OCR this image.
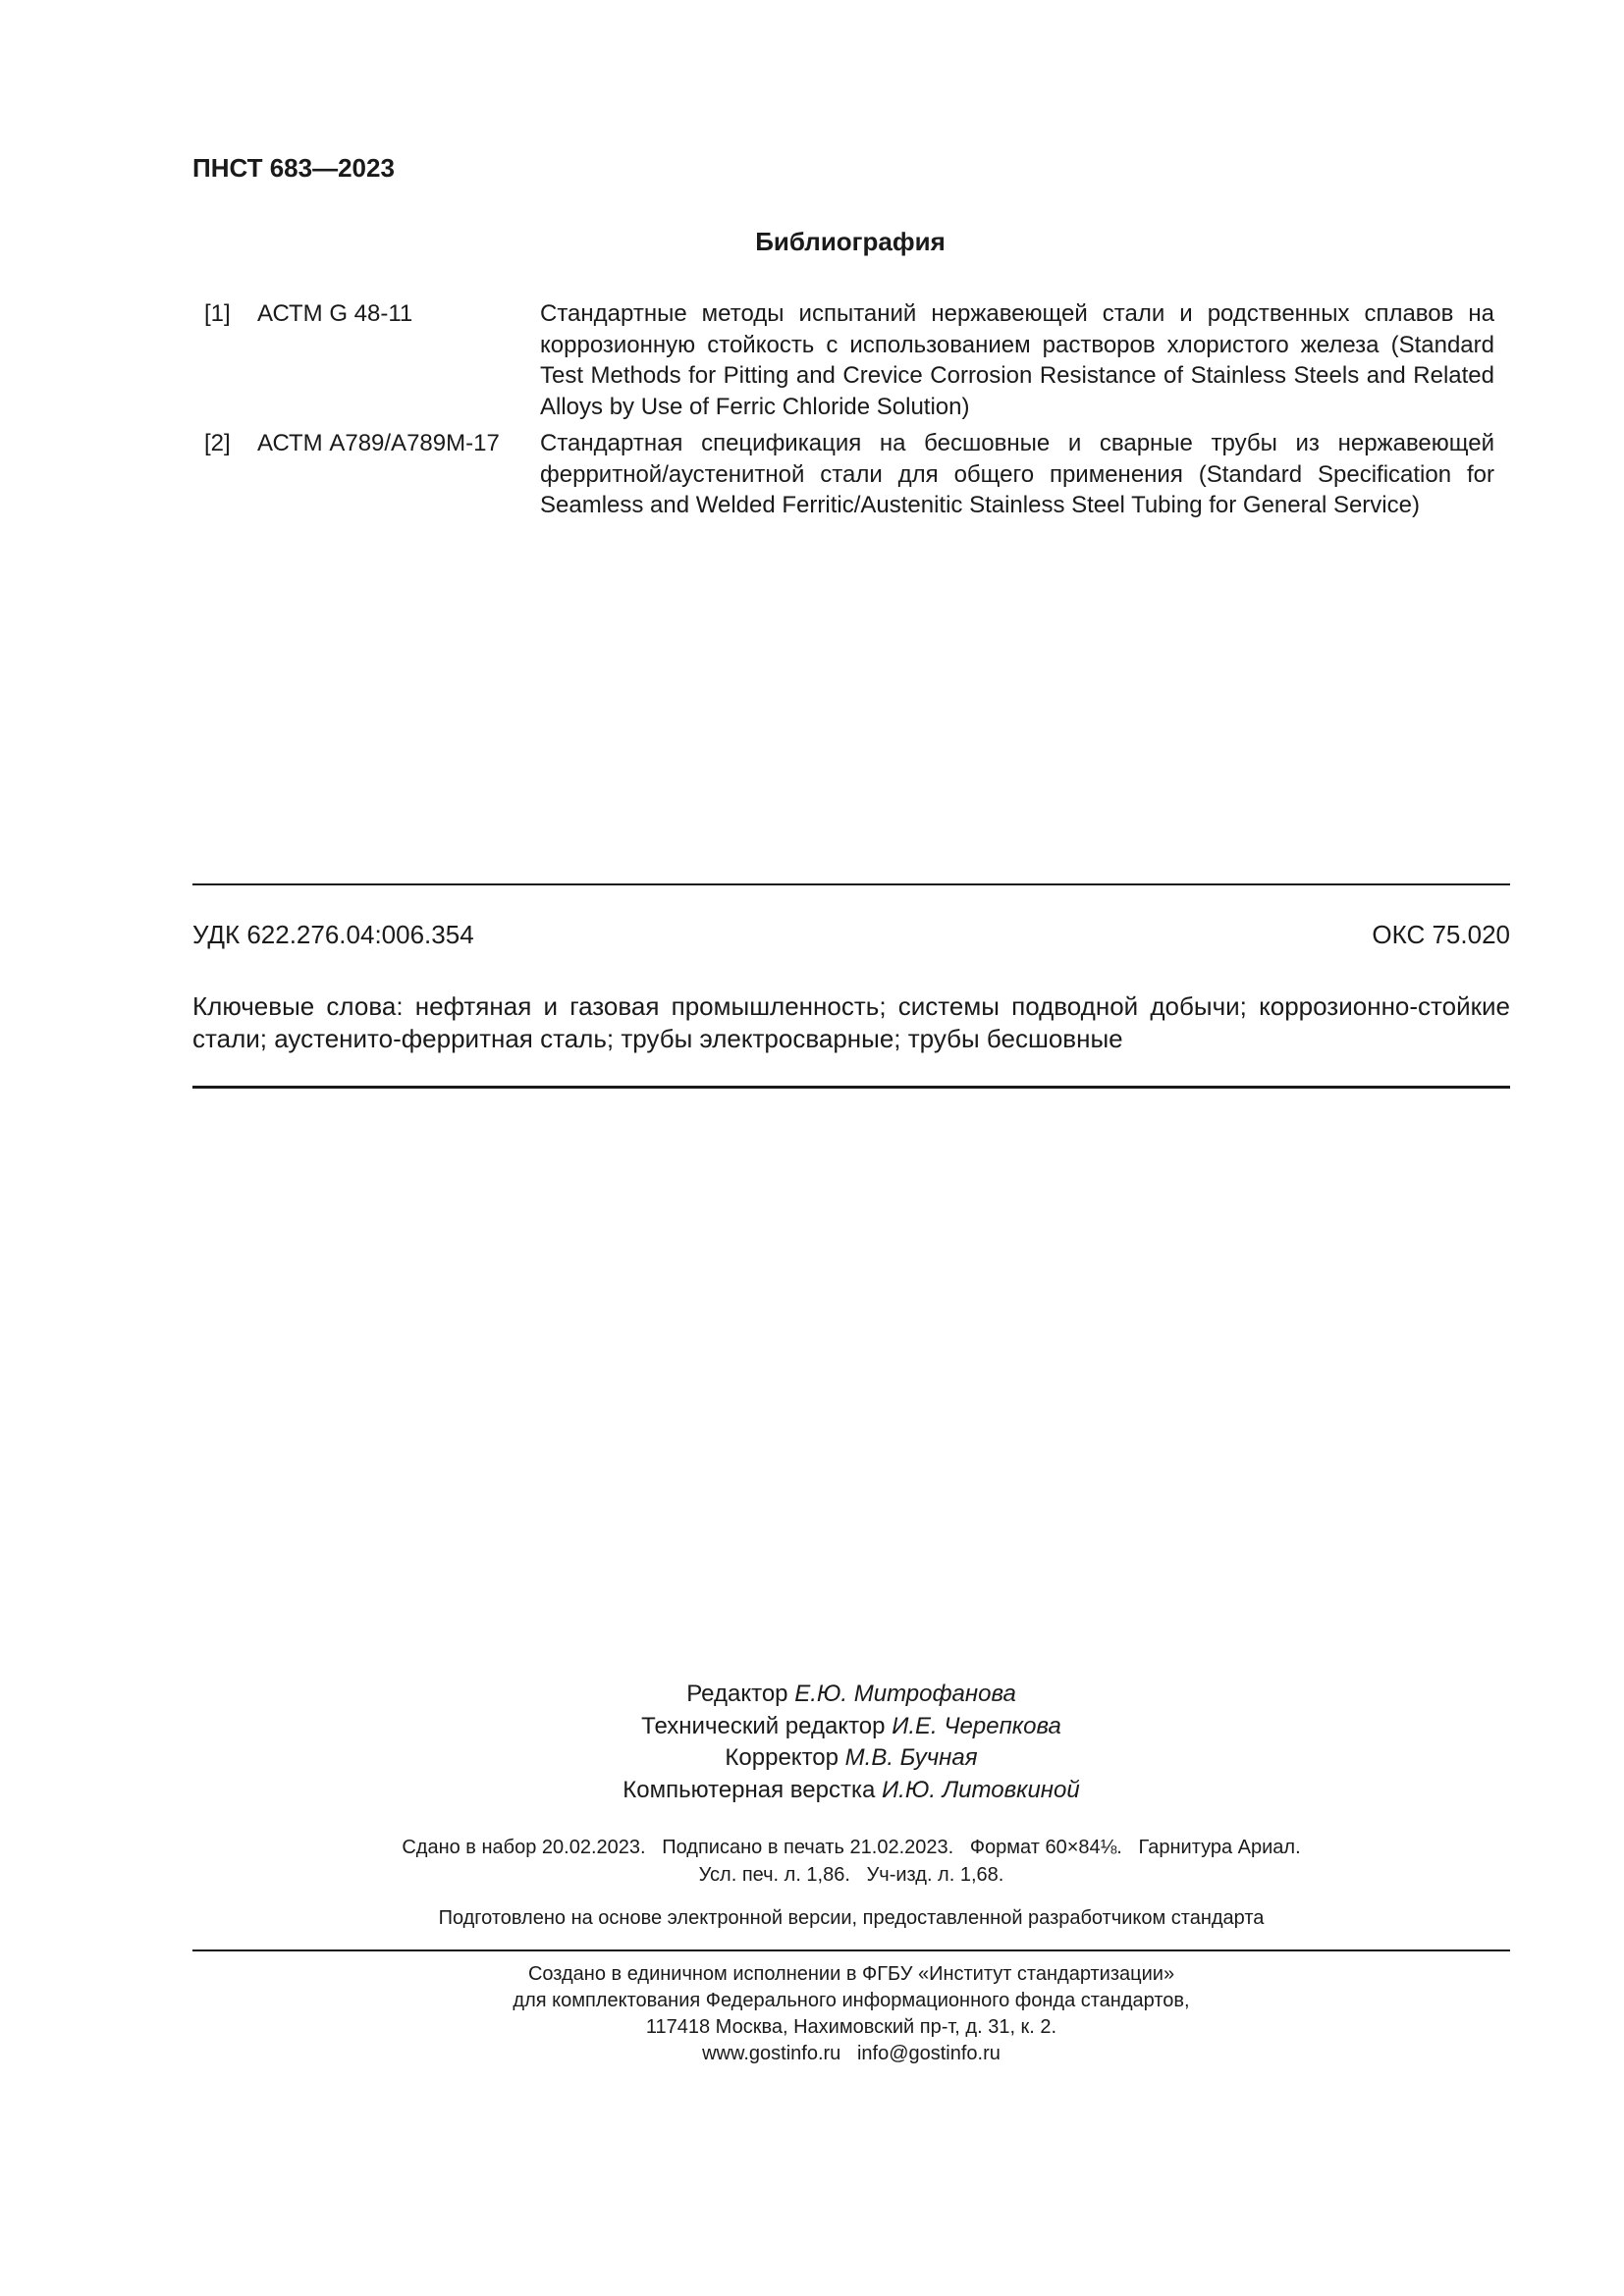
ПНСТ 683—2023
Библиография
[1] АСТМ G 48-11	Стандартные методы испытаний нержавеющей стали и родственных сплавов на коррозионную стойкость с использованием растворов хлористого железа (Standard Test Methods for Pitting and Crevice Corrosion Resistance of Stainless Steels and Related Alloys by Use of Ferric Chloride Solution)
[2] АСТМ А789/А789М-17 Стандартная спецификация на бесшовные и сварные трубы из нержавеющей ферритной/аустенитной стали для общего применения (Standard Specification for Seamless and Welded Ferritic/Austenitic Stainless Steel Tubing for General Service)
УДК 622.276.04:006.354	ОКС 75.020
Ключевые слова: нефтяная и газовая промышленность; системы подводной добычи; коррозионно-стойкие стали; аустенито-ферритная сталь; трубы электросварные; трубы бесшовные
Редактор Е.Ю. Митрофанова
Технический редактор И.Е. Черепкова
Корректор М.В. Бучная
Компьютерная верстка И.Ю. Литовкиной
Сдано в набор 20.02.2023.   Подписано в печать 21.02.2023.   Формат 60×84⅛.   Гарнитура Ариал.
Усл. печ. л. 1,86.   Уч-изд. л. 1,68.
Подготовлено на основе электронной версии, предоставленной разработчиком стандарта
Создано в единичном исполнении в ФГБУ «Институт стандартизации»
для комплектования Федерального информационного фонда стандартов,
117418 Москва, Нахимовский пр-т, д. 31, к. 2.
www.gostinfo.ru   info@gostinfo.ru
